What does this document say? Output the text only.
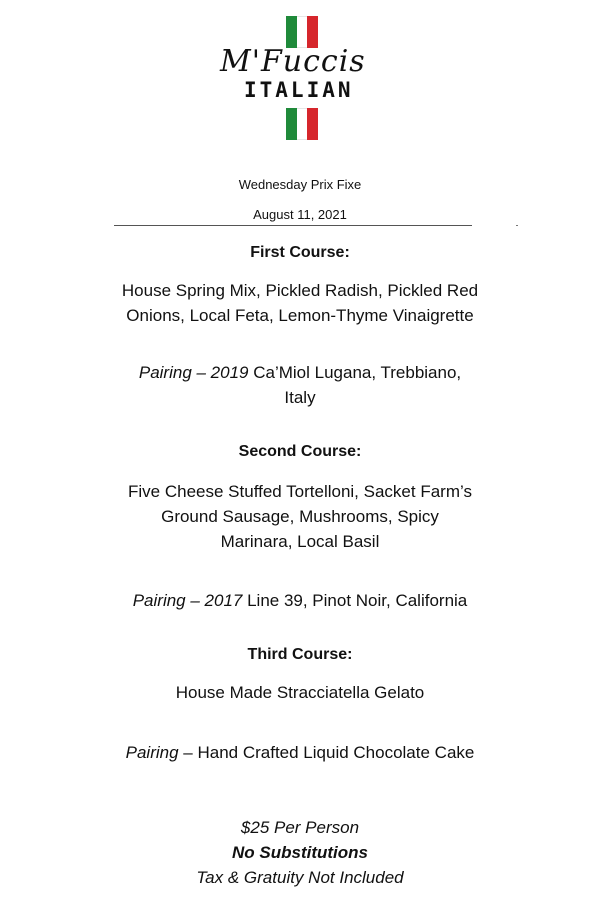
M'Fuccis
ITALIAN
Wednesday Prix Fixe
August 11, 2021
First Course:
House Spring Mix, Pickled Radish, Pickled Red
Onions, Local Feta, Lemon-Thyme Vinaigrette
Pairing – 2019 Ca’Miol Lugana, Trebbiano,
Italy
Second Course:
Five Cheese Stuffed Tortelloni, Sacket Farm’s
Ground Sausage, Mushrooms, Spicy
Marinara, Local Basil
Pairing – 2017 Line 39, Pinot Noir, California
Third Course:
House Made Stracciatella Gelato
Pairing – Hand Crafted Liquid Chocolate Cake
$25 Per Person
No Substitutions
Tax & Gratuity Not Included
